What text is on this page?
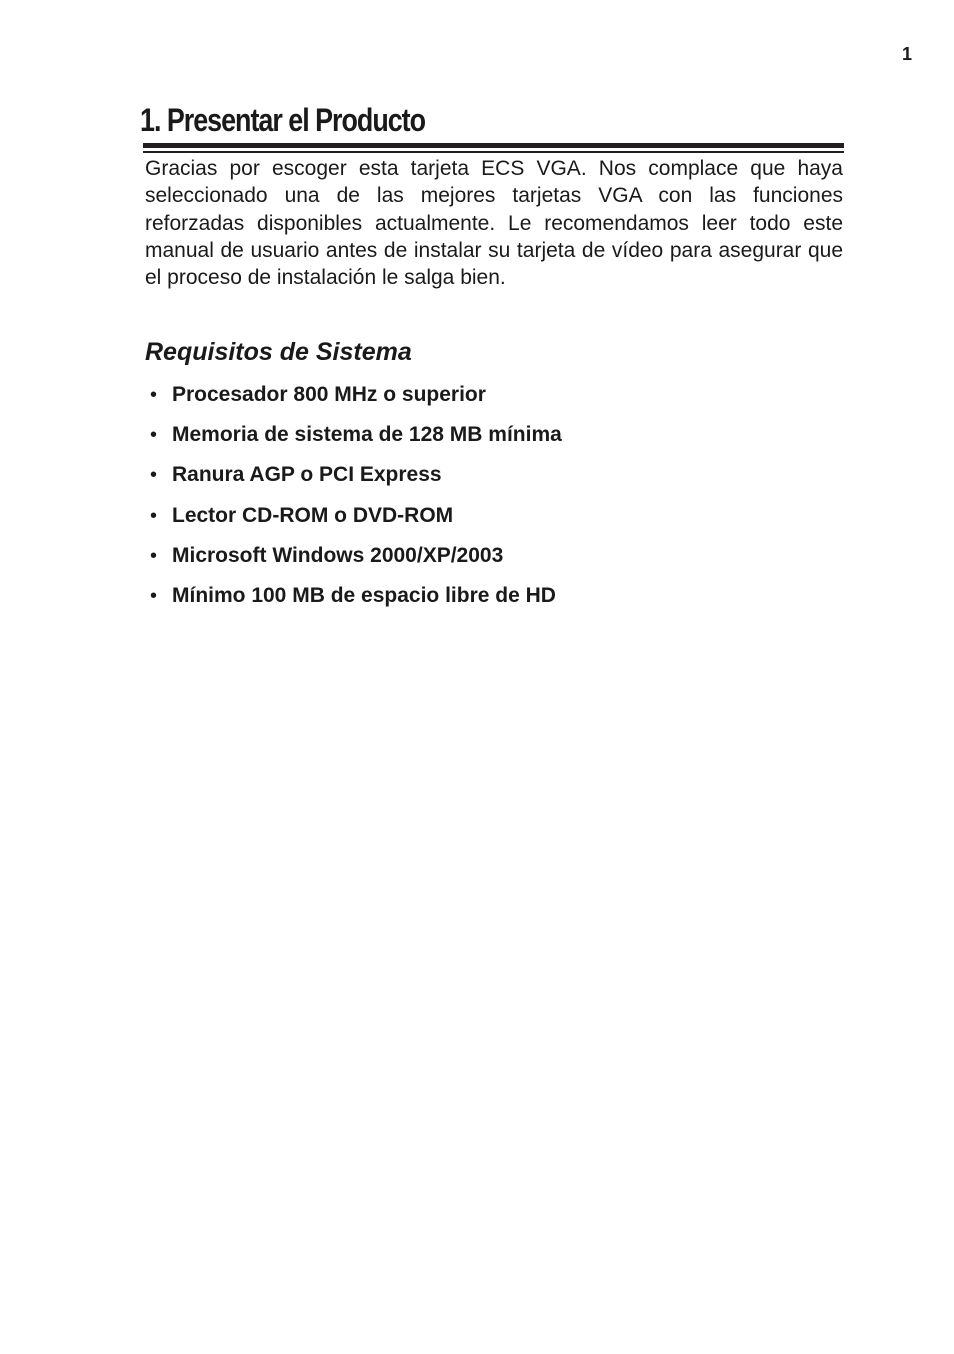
1
1. Presentar el Producto

Gracias por escoger esta tarjeta ECS VGA. Nos complace que haya seleccionado una de las mejores tarjetas VGA con las funciones reforzadas disponibles actualmente. Le recomendamos leer todo este manual de usuario antes de instalar su tarjeta de vídeo para asegurar que el proceso de instalación le salga bien.

Requisitos de Sistema
• Procesador 800 MHz o superior
• Memoria de sistema de 128 MB mínima
• Ranura AGP o PCI Express
• Lector CD-ROM o DVD-ROM
• Microsoft Windows 2000/XP/2003
• Mínimo 100 MB de espacio libre de HD
